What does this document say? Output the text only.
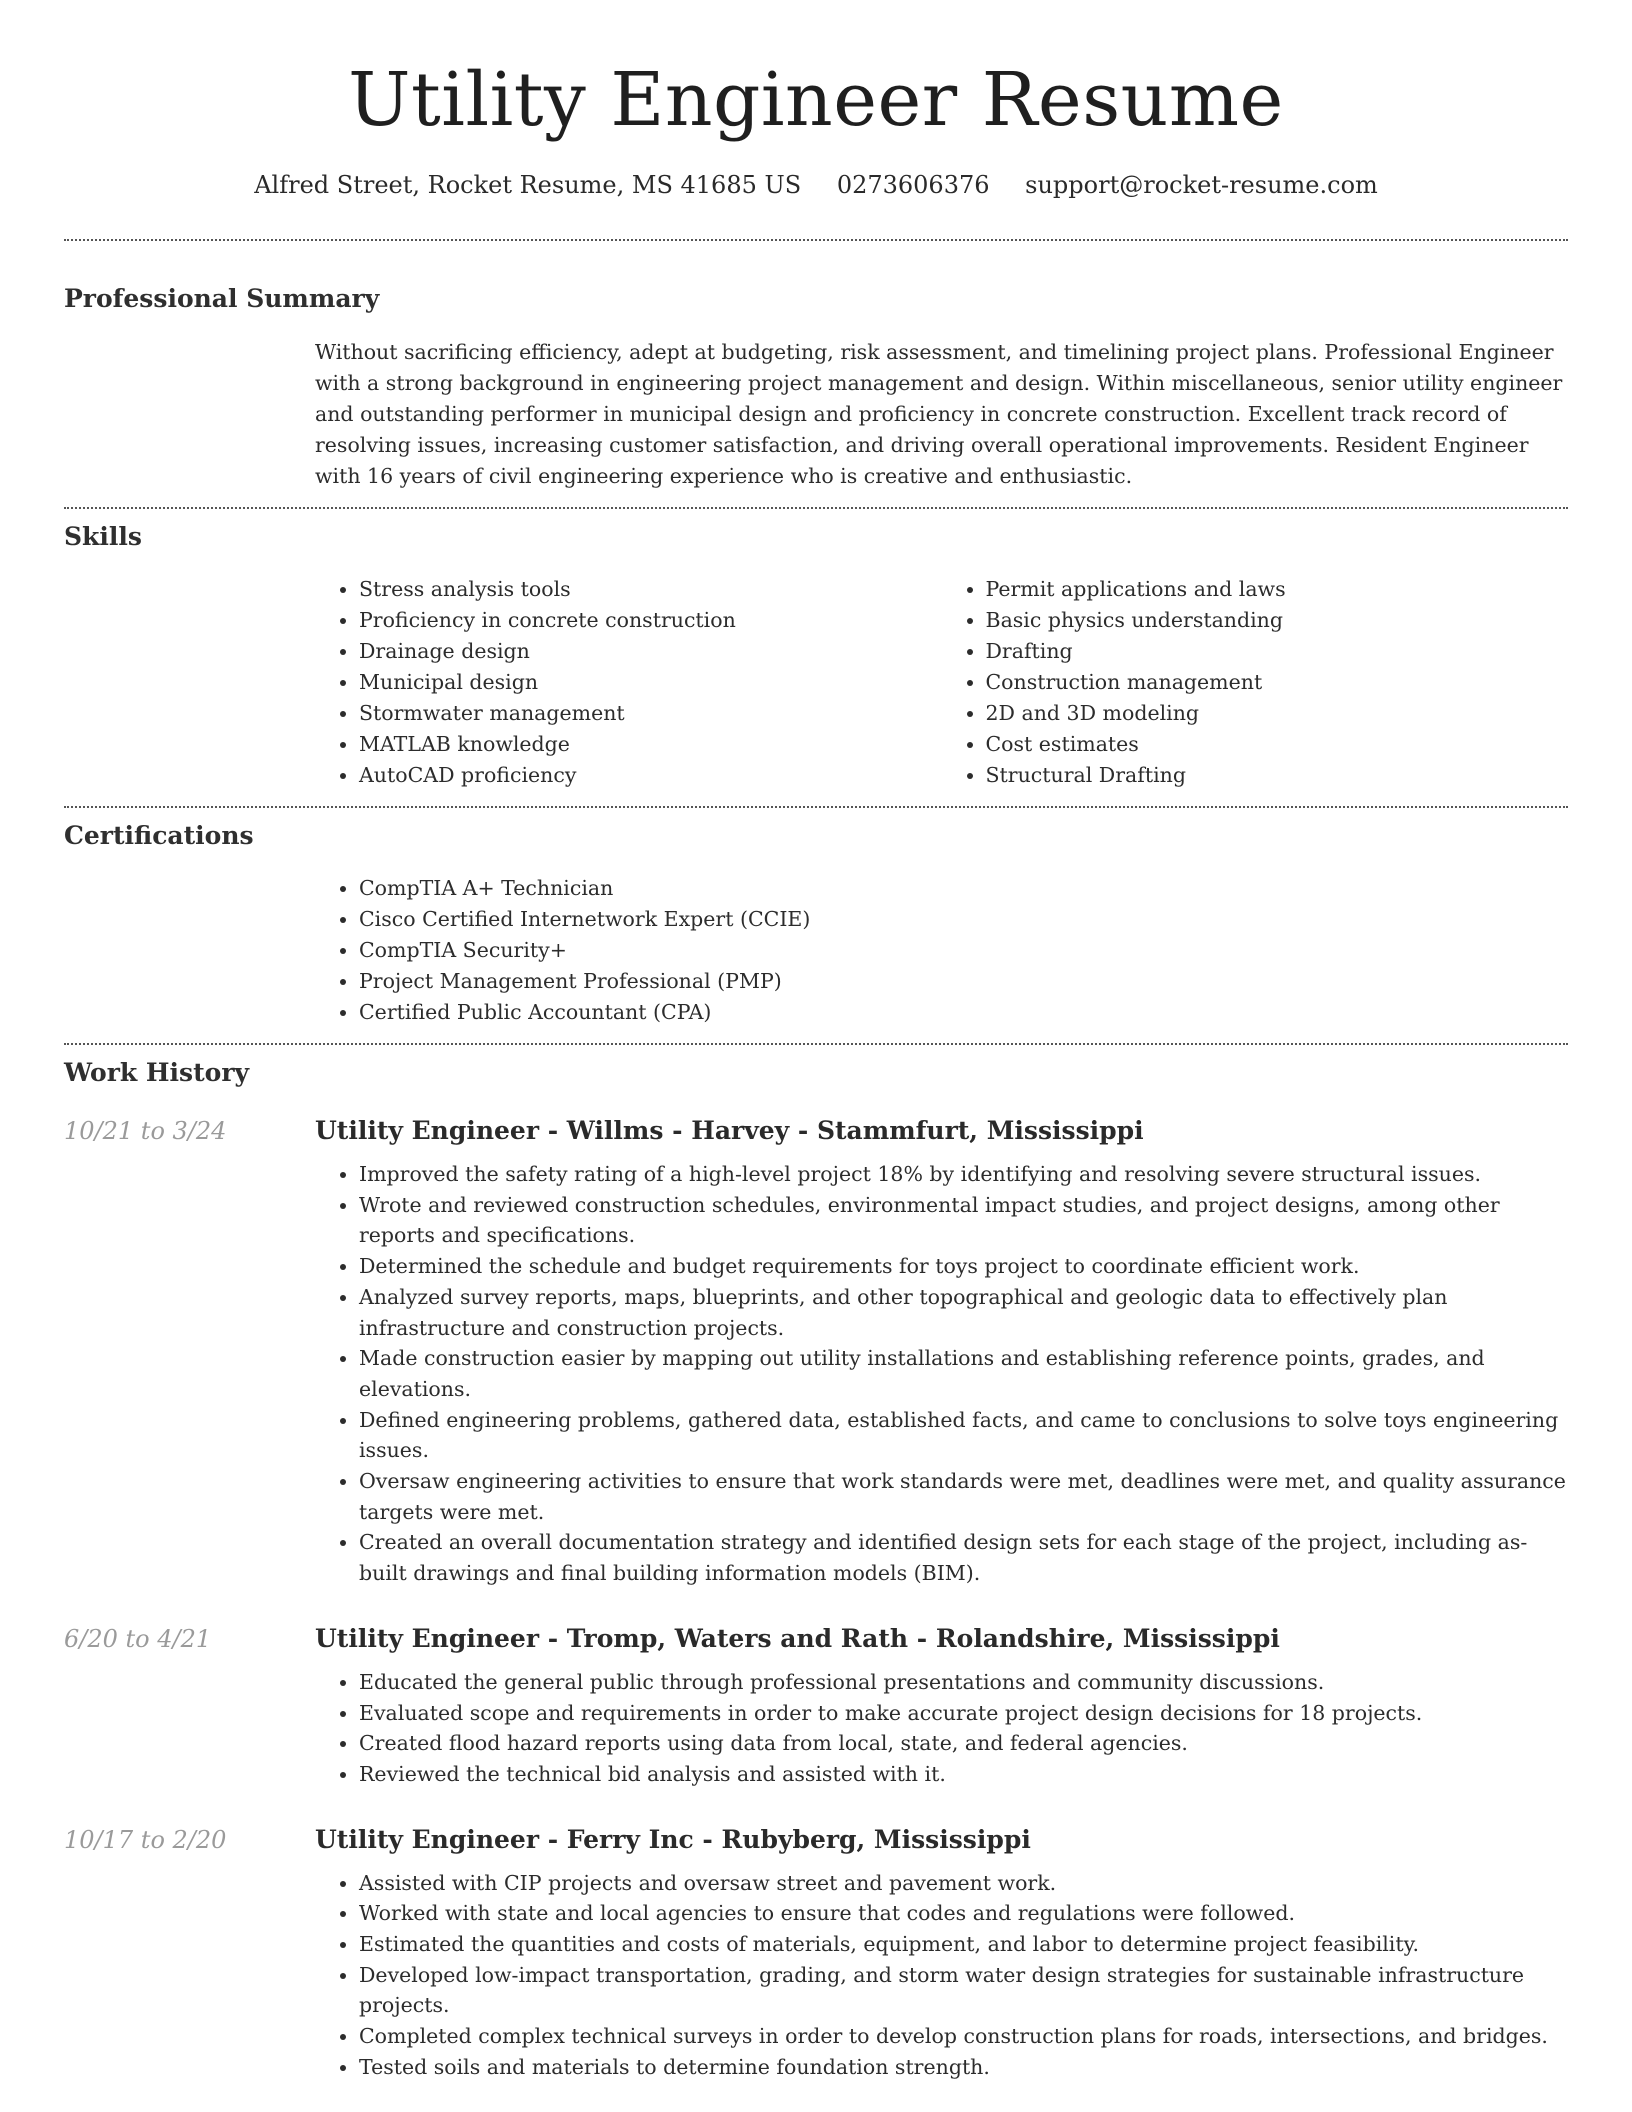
Utility Engineer Resume
Alfred Street, Rocket Resume, MS 41685 US 0273606376 support@rocket-resume.com
Professional Summary

Without sacrificing efficiency, adept at budgeting, risk assessment, and timelining project plans. Professional Engineer with a strong background in engineering project management and design. Within miscellaneous, senior utility engineer and outstanding performer in municipal design and proficiency in concrete construction. Excellent track record of resolving issues, increasing customer satisfaction, and driving overall operational improvements. Resident Engineer with 16 years of civil engineering experience who is creative and enthusiastic.

Skills
• Stress analysis tools
• Proficiency in concrete construction
• Drainage design
• Municipal design
• Stormwater management
• MATLAB knowledge
• AutoCAD proficiency
• Permit applications and laws
• Basic physics understanding
• Drafting
• Construction management
• 2D and 3D modeling
• Cost estimates
• Structural Drafting
Certifications
• CompTIA A+ Technician
• Cisco Certified Internetwork Expert (CCIE)
• CompTIA Security+
• Project Management Professional (PMP)
• Certified Public Accountant (CPA)
Work History
10/21 to 3/24	Utility Engineer - Willms - Harvey - Stammfurt, Mississippi
• Improved the safety rating of a high-level project 18% by identifying and resolving severe structural issues.
• Wrote and reviewed construction schedules, environmental impact studies, and project designs, among other reports and specifications.
• Determined the schedule and budget requirements for toys project to coordinate efficient work.
• Analyzed survey reports, maps, blueprints, and other topographical and geologic data to effectively plan infrastructure and construction projects.
• Made construction easier by mapping out utility installations and establishing reference points, grades, and elevations.
• Defined engineering problems, gathered data, established facts, and came to conclusions to solve toys engineering issues.
• Oversaw engineering activities to ensure that work standards were met, deadlines were met, and quality assurance targets were met.
• Created an overall documentation strategy and identified design sets for each stage of the project, including as-built drawings and final building information models (BIM).
6/20 to 4/21	Utility Engineer - Tromp, Waters and Rath - Rolandshire, Mississippi
• Educated the general public through professional presentations and community discussions.
• Evaluated scope and requirements in order to make accurate project design decisions for 18 projects.
• Created flood hazard reports using data from local, state, and federal agencies.
• Reviewed the technical bid analysis and assisted with it.
10/17 to 2/20	Utility Engineer - Ferry Inc - Rubyberg, Mississippi
• Assisted with CIP projects and oversaw street and pavement work.
• Worked with state and local agencies to ensure that codes and regulations were followed.
• Estimated the quantities and costs of materials, equipment, and labor to determine project feasibility.
• Developed low-impact transportation, grading, and storm water design strategies for sustainable infrastructure projects.
• Completed complex technical surveys in order to develop construction plans for roads, intersections, and bridges.
• Tested soils and materials to determine foundation strength.
